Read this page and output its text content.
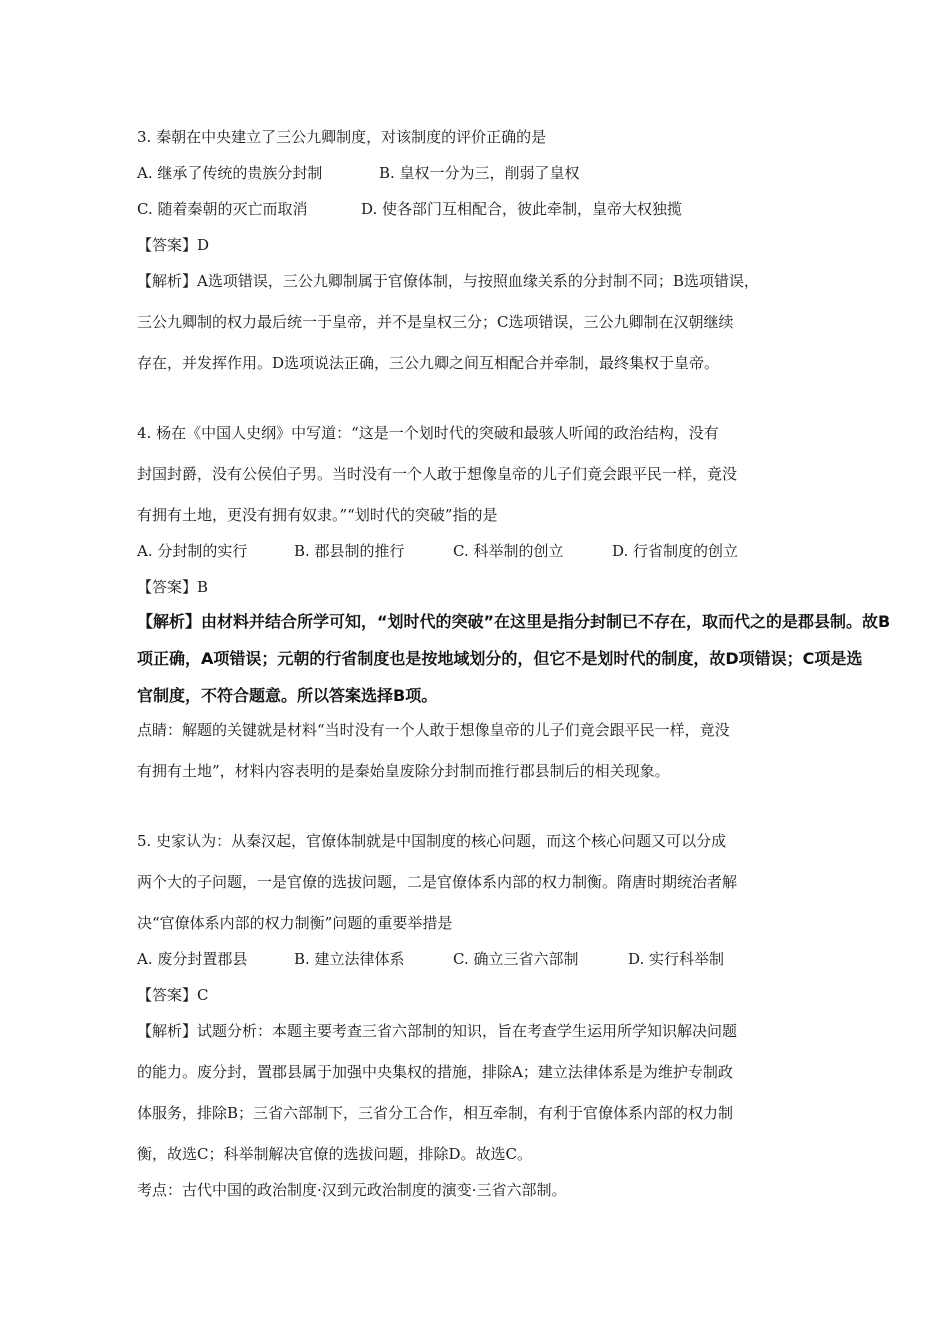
3. 秦朝在中央建立了三公九卿制度，对该制度的评价正确的是
A. 继承了传统的贵族分封制	B. 皇权一分为三，削弱了皇权
C. 随着秦朝的灭亡而取消	D. 使各部门互相配合，彼此牵制，皇帝大权独揽
【答案】D
【解析】A选项错误，三公九卿制属于官僚体制，与按照血缘关系的分封制不同；B选项错误，
三公九卿制的权力最后统一于皇帝，并不是皇权三分；C选项错误，三公九卿制在汉朝继续
存在，并发挥作用。D选项说法正确，三公九卿之间互相配合并牵制，最终集权于皇帝。
4. 杨在《中国人史纲》中写道：“这是一个划时代的突破和最骇人听闻的政治结构，没有
封国封爵，没有公侯伯子男。当时没有一个人敢于想像皇帝的儿子们竟会跟平民一样，竟没
有拥有土地，更没有拥有奴隶。”“划时代的突破”指的是
A. 分封制的实行	B. 郡县制的推行	C. 科举制的创立	D. 行省制度的创立
【答案】B
【解析】由材料并结合所学可知，“划时代的突破”在这里是指分封制已不存在，取而代之的是郡县制。故B
项正确，A项错误；元朝的行省制度也是按地域划分的，但它不是划时代的制度，故D项错误；C项是选
官制度，不符合题意。所以答案选择B项。
点睛：解题的关键就是材料“当时没有一个人敢于想像皇帝的儿子们竟会跟平民一样，竟没
有拥有土地”，材料内容表明的是秦始皇废除分封制而推行郡县制后的相关现象。
5. 史家认为：从秦汉起，官僚体制就是中国制度的核心问题，而这个核心问题又可以分成
两个大的子问题，一是官僚的选拔问题，二是官僚体系内部的权力制衡。隋唐时期统治者解
决“官僚体系内部的权力制衡”问题的重要举措是
A. 废分封置郡县	B. 建立法律体系	C. 确立三省六部制	D. 实行科举制
【答案】C
【解析】试题分析：本题主要考查三省六部制的知识，旨在考查学生运用所学知识解决问题
的能力。废分封，置郡县属于加强中央集权的措施，排除A；建立法律体系是为维护专制政
体服务，排除B；三省六部制下，三省分工合作，相互牵制，有利于官僚体系内部的权力制
衡，故选C；科举制解决官僚的选拔问题，排除D。故选C。
考点：古代中国的政治制度·汉到元政治制度的演变·三省六部制。
